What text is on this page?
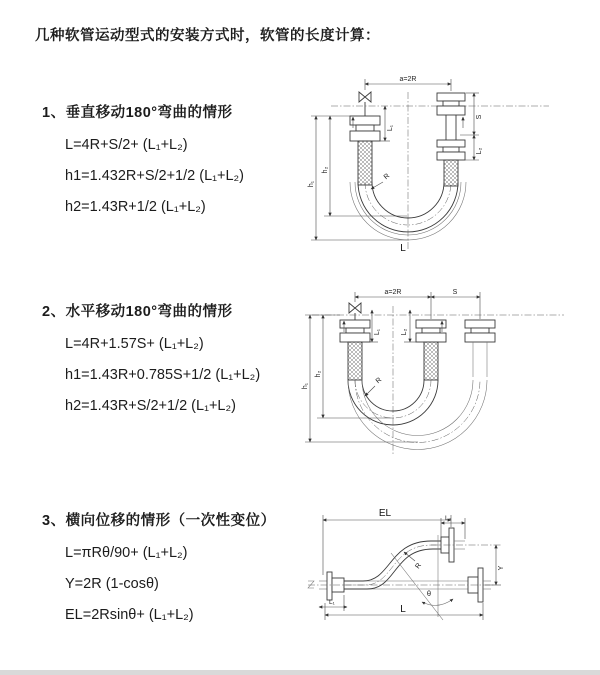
几种软管运动型式的安装方式时，软管的长度计算：
1、垂直移动180°弯曲的情形
L=4R+S/2+ (L₁+L₂)
h1=1.432R+S/2+1/2 (L₁+L₂)
h2=1.43R+1/2 (L₁+L₂)
2、水平移动180°弯曲的情形
L=4R+1.57S+ (L₁+L₂)
h1=1.43R+0.785S+1/2 (L₁+L₂)
h2=1.43R+S/2+1/2 (L₁+L₂)
3、横向位移的情形（一次性变位）
L=πRθ/90+ (L₁+L₂)
Y=2R (1-cosθ)
EL=2Rsinθ+ (L₁+L₂)
a=2R
L₁
S
L₂
h₁
h₂
R
L
a=2R	S
L₁	L₂
h₁
h₂
R
EL	L₂
Y
θ
R
L₁
L
